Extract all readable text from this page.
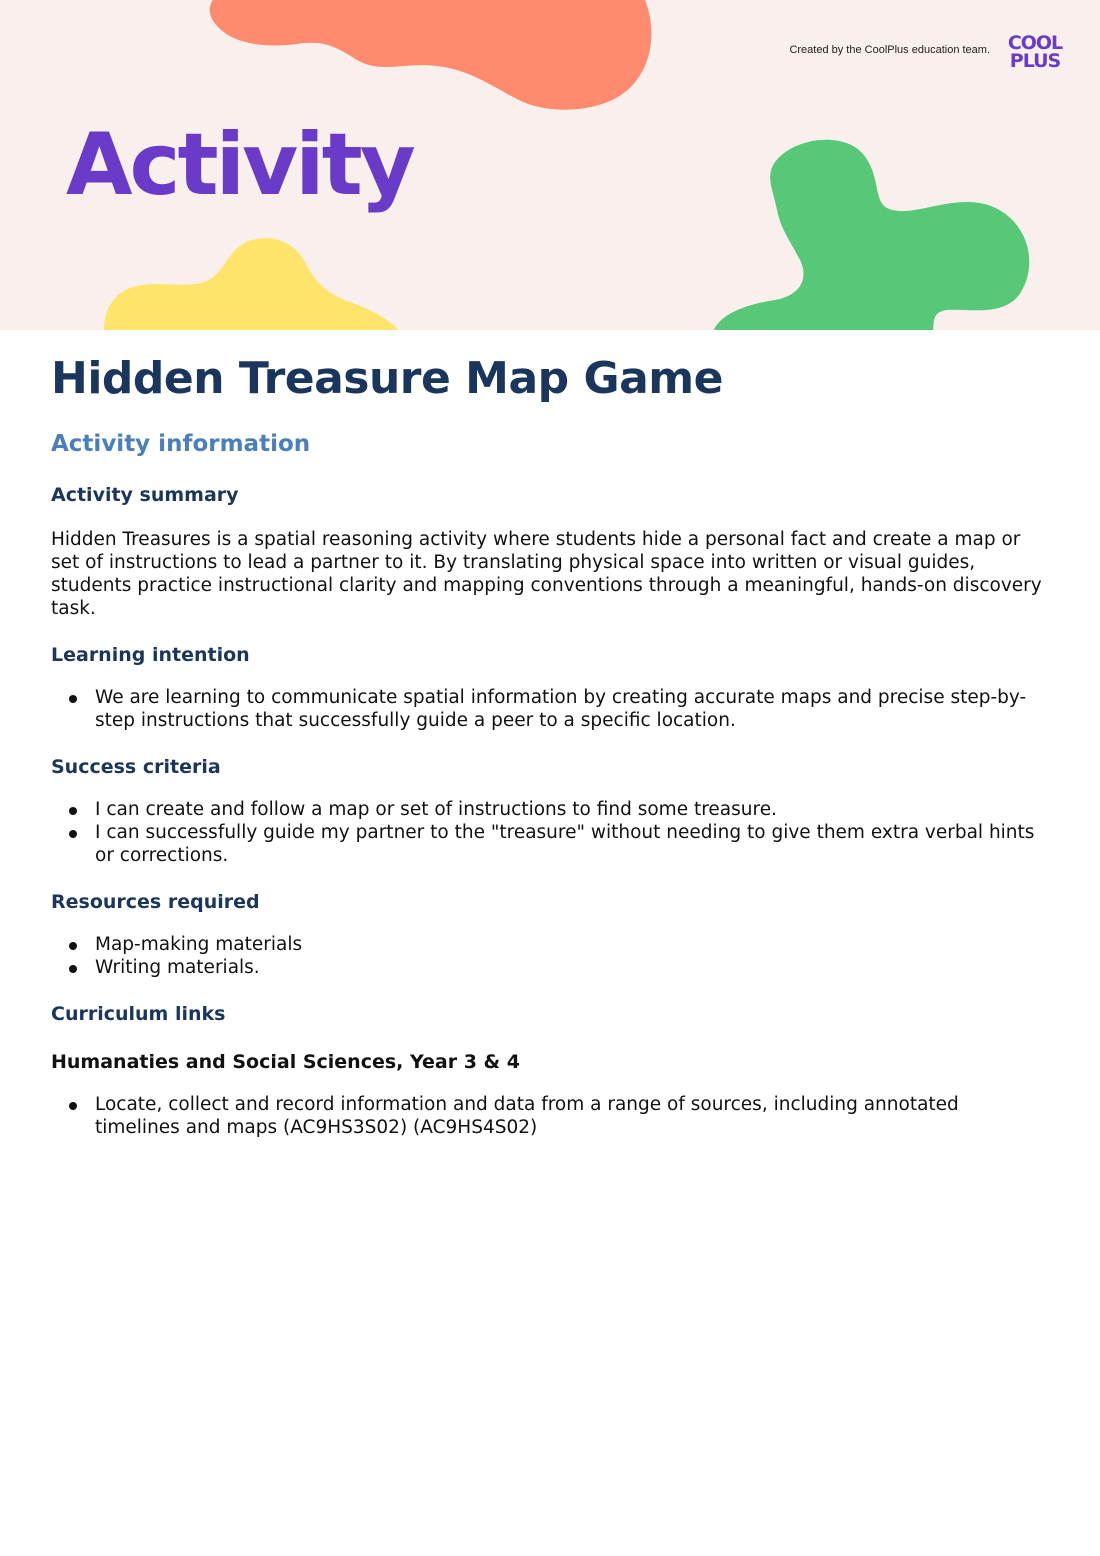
Activity
Created by the CoolPlus education team. COOL
PLUS
Hidden Treasure Map Game
Activity information
Activity summary

Hidden Treasures is a spatial reasoning activity where students hide a personal fact and create a map or set of instructions to lead a partner to it. By translating physical space into written or visual guides, students practice instructional clarity and mapping conventions through a meaningful, hands-on discovery task.

Learning intention
We are learning to communicate spatial information by creating accurate maps and precise step-by-step instructions that successfully guide a peer to a specific location.
Success criteria
I can create and follow a map or set of instructions to find some treasure.
I can successfully guide my partner to the "treasure" without needing to give them extra verbal hints or corrections.
Resources required
Map-making materials
Writing materials.
Curriculum links
Humanaties and Social Sciences, Year 3 & 4
Locate, collect and record information and data from a range of sources, including annotated timelines and maps (AC9HS3S02) (AC9HS4S02)
